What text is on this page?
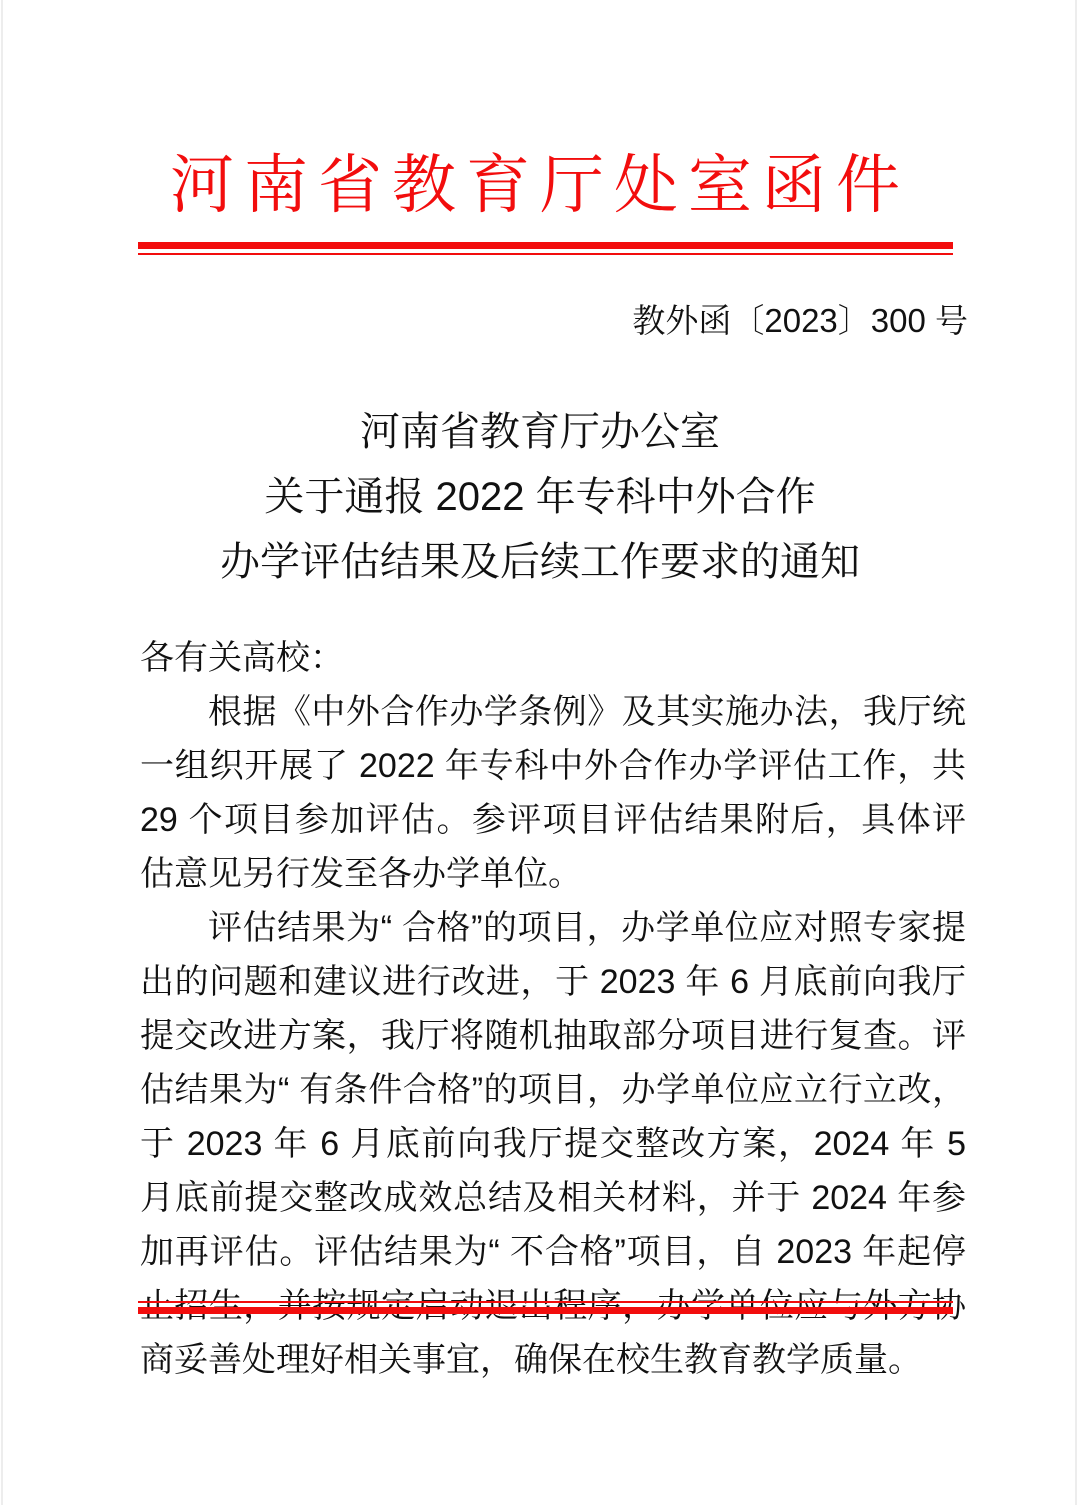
河南省教育厅处室函件
教外函〔2023〕300 号
河南省教育厅办公室
关于通报 2022 年专科中外合作
办学评估结果及后续工作要求的通知

各有关高校：

根据《中外合作办学条例》及其实施办法，我厅统一组织开展了 2022 年专科中外合作办学评估工作，共 29 个项目参加评估。参评项目评估结果附后，具体评估意见另行发至各办学单位。

评估结果为“ 合格”的项目，办学单位应对照专家提出的问题和建议进行改进，于 2023 年 6 月底前向我厅提交改进方案，我厅将随机抽取部分项目进行复查。评估结果为“ 有条件合格”的项目，办学单位应立行立改，于 2023 年 6 月底前向我厅提交整改方案，2024 年 5 月底前提交整改成效总结及相关材料，并于 2024 年参加再评估。评估结果为“ 不合格”项目，自 2023 年起停止招生，并按规定启动退出程序，办学单位应与外方协商妥善处理好相关事宜，确保在校生教育教学质量。
